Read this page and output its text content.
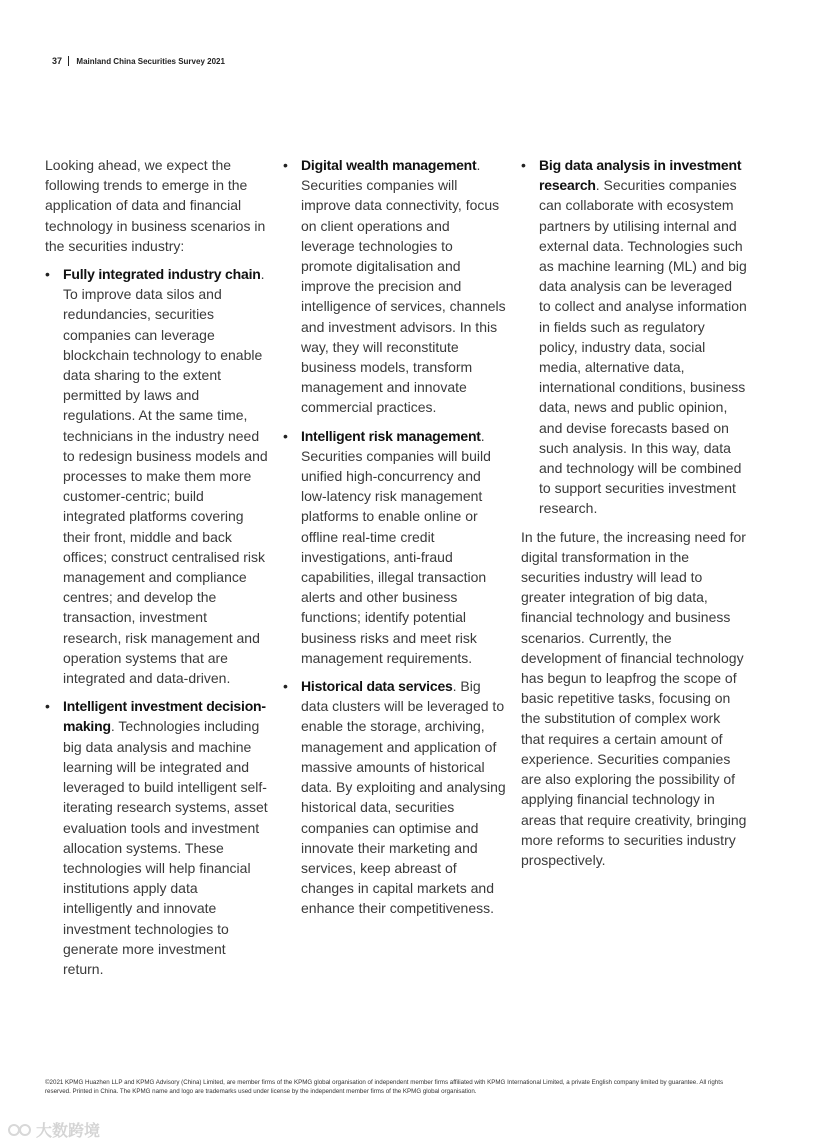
37 Mainland China Securities Survey 2021

Looking ahead, we expect the following trends to emerge in the application of data and financial technology in business scenarios in the securities industry:

• Fully integrated industry chain. To improve data silos and redundancies, securities companies can leverage blockchain technology to enable data sharing to the extent permitted by laws and regulations. At the same time, technicians in the industry need to redesign business models and processes to make them more customer-centric; build integrated platforms covering their front, middle and back offices; construct centralised risk management and compliance centres; and develop the transaction, investment research, risk management and operation systems that are integrated and data-driven.
• Intelligent investment decision-making. Technologies including big data analysis and machine learning will be integrated and leveraged to build intelligent self-iterating research systems, asset evaluation tools and investment allocation systems. These technologies will help financial institutions apply data intelligently and innovate investment technologies to generate more investment return.
• Digital wealth management. Securities companies will improve data connectivity, focus on client operations and leverage technologies to promote digitalisation and improve the precision and intelligence of services, channels and investment advisors. In this way, they will reconstitute business models, transform management and innovate commercial practices.
• Intelligent risk management. Securities companies will build unified high-concurrency and low-latency risk management platforms to enable online or offline real-time credit investigations, anti-fraud capabilities, illegal transaction alerts and other business functions; identify potential business risks and meet risk management requirements.
• Historical data services. Big data clusters will be leveraged to enable the storage, archiving, management and application of massive amounts of historical data. By exploiting and analysing historical data, securities companies can optimise and innovate their marketing and services, keep abreast of changes in capital markets and enhance their competitiveness.
• Big data analysis in investment research. Securities companies can collaborate with ecosystem partners by utilising internal and external data. Technologies such as machine learning (ML) and big data analysis can be leveraged to collect and analyse information in fields such as regulatory policy, industry data, social media, alternative data, international conditions, business data, news and public opinion, and devise forecasts based on such analysis. In this way, data and technology will be combined to support securities investment research.

In the future, the increasing need for digital transformation in the securities industry will lead to greater integration of big data, financial technology and business scenarios. Currently, the development of financial technology has begun to leapfrog the scope of basic repetitive tasks, focusing on the substitution of complex work that requires a certain amount of experience. Securities companies are also exploring the possibility of applying financial technology in areas that require creativity, bringing more reforms to securities industry prospectively.

©2021 KPMG Huazhen LLP and KPMG Advisory (China) Limited, are member firms of the KPMG global organisation of independent member firms affiliated with KPMG International Limited, a private English company limited by guarantee. All rights reserved. Printed in China. The KPMG name and logo are trademarks used under license by the independent member firms of the KPMG global organisation.
大数跨境
